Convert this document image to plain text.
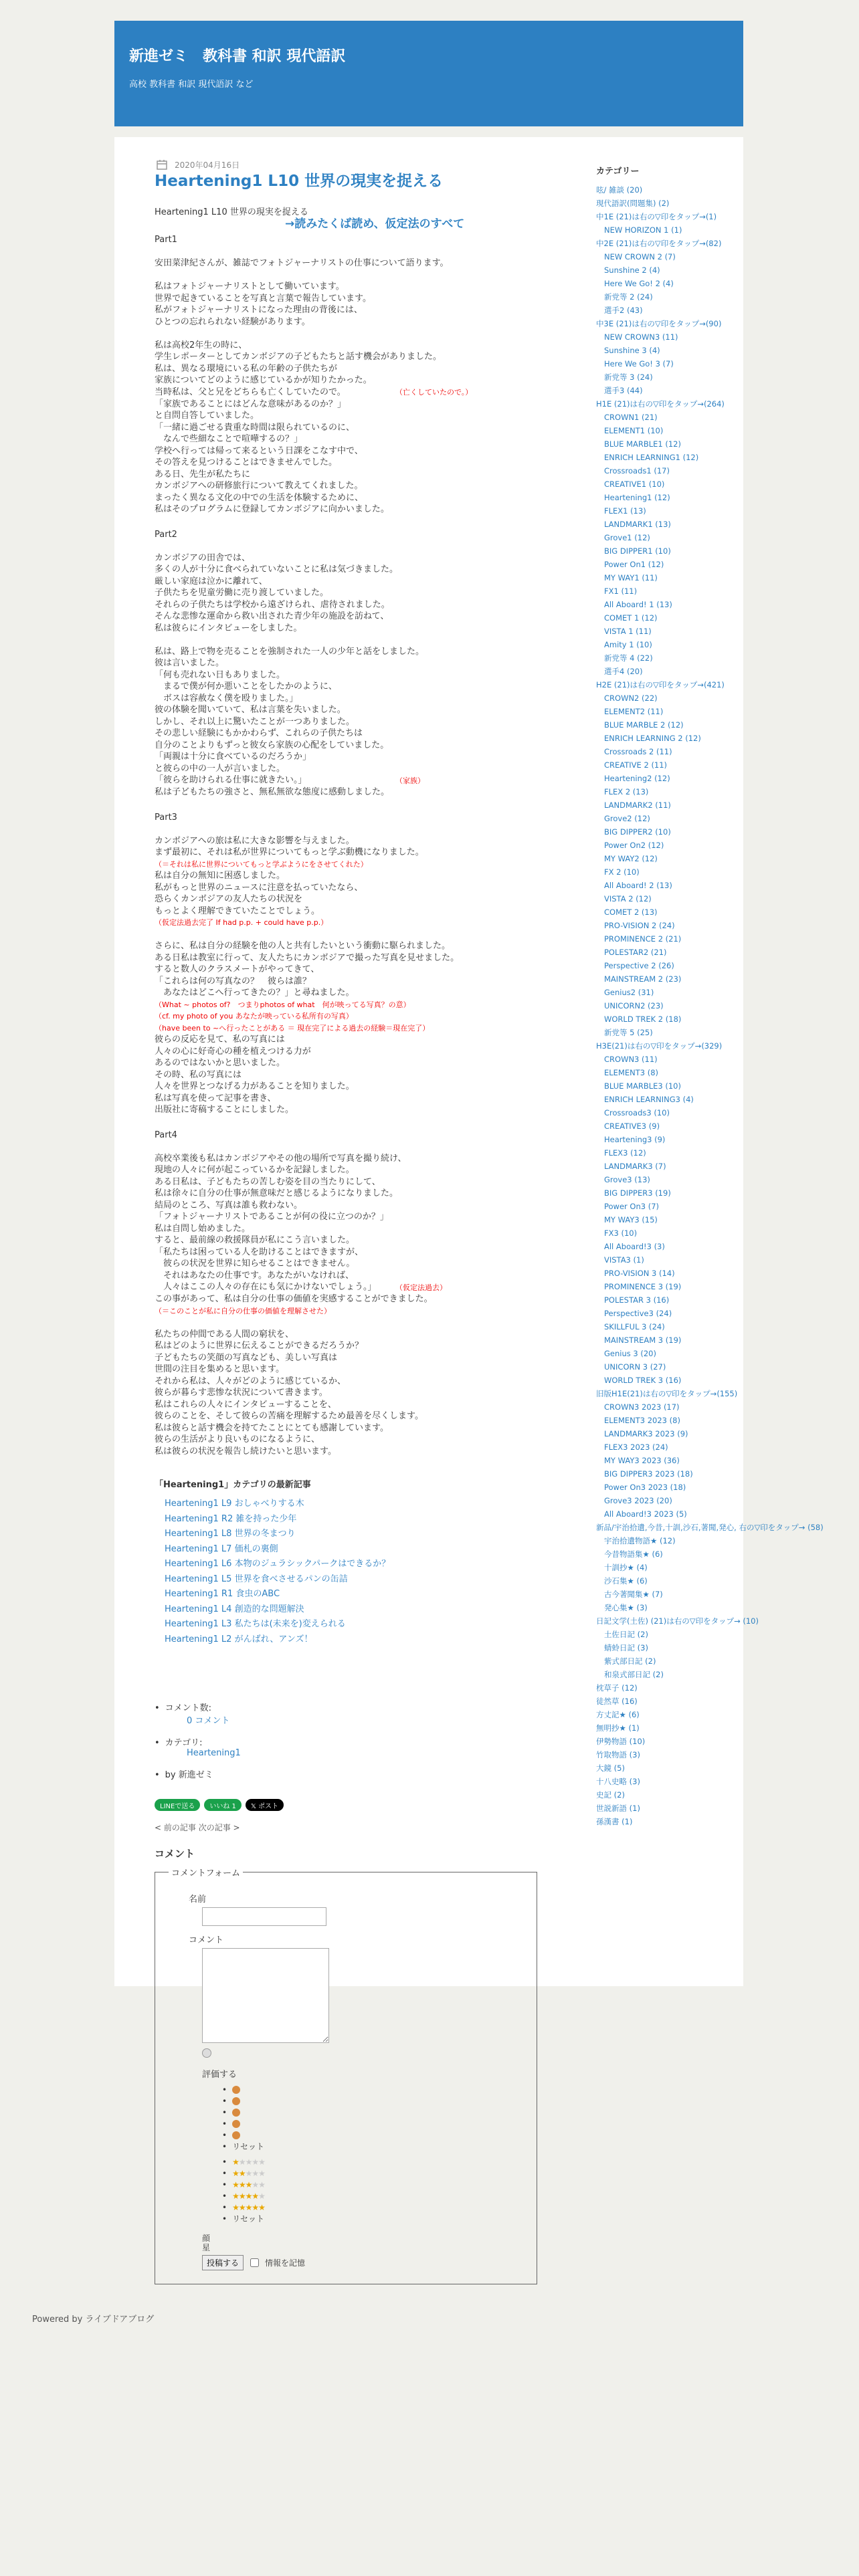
新進ゼミ　教科書 和訳 現代語訳
高校 教科書 和訳 現代語訳 など
2020年04月16日
Heartening1 L10 世界の現実を捉える

Heartening1 L10 世界の現実を捉える

→読みたくば読め、仮定法のすべて

Part1
安田菜津紀さんが、雑誌でフォトジャーナリストの仕事について語ります。
私はフォトジャーナリストとして働いています。
世界で起きていることを写真と言葉で報告しています。
私がフォトジャーナリストになった理由の背後には、
ひとつの忘れられない経験があります。
私は高校2年生の時に、
学生レポーターとしてカンボジアの子どもたちと話す機会がありました。
私は、異なる環境にいる私の年齢の子供たちが
家族についてどのように感じているかが知りたかった。
当時私は、父と兄をどちらも亡くしていたので。	（亡くしていたので。）
「家族であることにはどんな意味があるのか？」
と自問自答していました。
「一緒に過ごせる貴重な時間は限られているのに、
　なんで些細なことで喧嘩するの？」
学校へ行っては帰って来るという日課をこなす中で、
その答えを見つけることはできませんでした。
ある日、先生が私たちに
カンボジアへの研修旅行について教えてくれました。
まったく異なる文化の中での生活を体験するために、
私はそのプログラムに登録してカンボジアに向かいました。
Part2
カンボジアの田舎では、
多くの人が十分に食べられていないことに私は気づきました。
厳しい家庭は泣かに離れて、
子供たちを児童労働に売り渡していました。
それらの子供たちは学校から遠ざけられ、虐待されました。
そんな悲惨な運命から救い出された青少年の施設を訪ねて、
私は彼らにインタビューをしました。
私は、路上で物を売ることを強制された一人の少年と話をしました。
彼は言いました。
「何も売れない日もありました。
　まるで僕が何か悪いことをしたかのように、
　ボスは容赦なく僕を殴りました。」
彼の体験を聞いていて、私は言葉を失いました。
しかし、それ以上に驚いたことが一つありました。
その悲しい経験にもかかわらず、これらの子供たちは
自分のことよりもずっと彼女ら家族の心配をしていました。
「両親は十分に食べているのだろうか」
と彼らの中の一人が言いました。
「彼らを助けられる仕事に就きたい。」	（家族）
私は子どもたちの強さと、無私無欲な態度に感動しました。
Part3
カンボジアへの旅は私に大きな影響を与えました。
まず最初に、それは私が世界についてもっと学ぶ動機になりました。
（＝それは私に世界についてもっと学ぶようにをさせてくれた）
私は自分の無知に困惑しました。
私がもっと世界のニュースに注意を払っていたなら、
恐らくカンボジアの友人たちの状況を
もっとよく理解できていたことでしょう。
（仮定法過去完了 If had p.p. + could have p.p.）
さらに、私は自分の経験を他の人と共有したいという衝動に駆られました。
ある日私は教室に行って、友人たちにカンボジアで撮った写真を見せました。
すると数人のクラスメートがやってきて、
「これらは何の写真なの？　彼らは誰？
　あなたはどこへ行ってきたの？」と尋ねました。
（What ~ photos of?　つまりphotos of what　何が映ってる写真？の意）
（cf. my photo of you あなたが映っている私所有の写真）
（have been to ~へ行ったことがある ＝ 現在完了による過去の経験＝現在完了）
彼らの反応を見て、私の写真には
人々の心に好奇心の種を植えつける力が
あるのではないかと思いました。
その時、私の写真には
人々を世界とつなげる力があることを知りました。
私は写真を使って記事を書き、
出版社に寄稿することにしました。
Part4
高校卒業後も私はカンボジアやその他の場所で写真を撮り続け、
現地の人々に何が起こっているかを記録しました。
ある日私は、子どもたちの苦しむ姿を目の当たりにして、
私は徐々に自分の仕事が無意味だと感じるようになりました。
結局のところ、写真は誰も救わない。
「フォトジャーナリストであることが何の役に立つのか？」
私は自問し始めました。
すると、最前線の救援隊員が私にこう言いました。
「私たちは困っている人を助けることはできますが、
　彼らの状況を世界に知らせることはできません。
　それはあなたの仕事です。あなたがいなければ、
　人々はここの人々の存在にも気にかけないでしょう。」	（仮定法過去）
この事があって、私は自分の仕事の価値を実感することができました。
（＝このことが私に自分の仕事の価値を理解させた）
私たちの仲間である人間の窮状を、
私はどのように世界に伝えることができるだろうか？
子どもたちの笑顔の写真なども、美しい写真は
世間の注目を集めると思います。
それから私は、人々がどのように感じているか、
彼らが暮らす悲惨な状況について書きます。
私はこれらの人々にインタビューすることを、
彼らのことを、そして彼らの苦痛を理解するため最善を尽くします。
私は彼らと話す機会を持てたことにとても感謝しています。
彼らの生活がより良いものになるように、
私は彼らの状況を報告し続けたいと思います。
「Heartening1」カテゴリの最新記事
Heartening1 L9 おしゃべりする木
Heartening1 R2 雑を持った少年
Heartening1 L8 世界の冬まつり
Heartening1 L7 価札の裏側
Heartening1 L6 本物のジュラシックパークはできるか？
Heartening1 L5 世界を食べさせるパンの缶詰
Heartening1 R1 食虫のABC
Heartening1 L4 創造的な問題解決
Heartening1 L3 私たちは(未来を)変えられる
Heartening1 L2 がんばれ、アンズ！
• コメント数:
0 コメント
• カテゴリ:
Heartening1
• by 新進ゼミ
LINEで送る	いいね 1	𝕏 ポスト
< 前の記事 次の記事 >
コメント
コメントフォーム
名前
コメント
評価する
•
•
•
•
•
• リセット
• ★★★★★
• ★★★★★
• ★★★★★
• ★★★★★
• ★★★★★
• リセット
顔
星
投稿する	情報を記憶
カテゴリー
呟/ 雑談 (20)
現代語訳(問題集) (2)
中1E (21)は右の▽印をタップ→(1)
NEW HORIZON 1 (1)
中2E (21)は右の▽印をタップ→(82)
NEW CROWN 2 (7)
Sunshine 2 (4)
Here We Go! 2 (4)
新党等 2 (24)
選手2 (43)
中3E (21)は右の▽印をタップ→(90)
NEW CROWN3 (11)
Sunshine 3 (4)
Here We Go! 3 (7)
新党等 3 (24)
選手3 (44)
H1E (21)は右の▽印をタップ→(264)
CROWN1 (21)
ELEMENT1 (10)
BLUE MARBLE1 (12)
ENRICH LEARNING1 (12)
Crossroads1 (17)
CREATIVE1 (10)
Heartening1 (12)
FLEX1 (13)
LANDMARK1 (13)
Grove1 (12)
BIG DIPPER1 (10)
Power On1 (12)
MY WAY1 (11)
FX1 (11)
All Aboard! 1 (13)
COMET 1 (12)
VISTA 1 (11)
Amity 1 (10)
新党等 4 (22)
選手4 (20)
H2E (21)は右の▽印をタップ→(421)
CROWN2 (22)
ELEMENT2 (11)
BLUE MARBLE 2 (12)
ENRICH LEARNING 2 (12)
Crossroads 2 (11)
CREATIVE 2 (11)
Heartening2 (12)
FLEX 2 (13)
LANDMARK2 (11)
Grove2 (12)
BIG DIPPER2 (10)
Power On2 (12)
MY WAY2 (12)
FX 2 (10)
All Aboard! 2 (13)
VISTA 2 (12)
COMET 2 (13)
PRO-VISION 2 (24)
PROMINENCE 2 (21)
POLESTAR2 (21)
Perspective 2 (26)
MAINSTREAM 2 (23)
Genius2 (31)
UNICORN2 (23)
WORLD TREK 2 (18)
新党等 5 (25)
H3E(21)は右の▽印をタップ→(329)
CROWN3 (11)
ELEMENT3 (8)
BLUE MARBLE3 (10)
ENRICH LEARNING3 (4)
Crossroads3 (10)
CREATIVE3 (9)
Heartening3 (9)
FLEX3 (12)
LANDMARK3 (7)
Grove3 (13)
BIG DIPPER3 (19)
Power On3 (7)
MY WAY3 (15)
FX3 (10)
All Aboard!3 (3)
VISTA3 (1)
PRO-VISION 3 (14)
PROMINENCE 3 (19)
POLESTAR 3 (16)
Perspective3 (24)
SKILLFUL 3 (24)
MAINSTREAM 3 (19)
Genius 3 (20)
UNICORN 3 (27)
WORLD TREK 3 (16)
旧版H1E(21)は右の▽印をタップ→(155)
CROWN3 2023 (17)
ELEMENT3 2023 (8)
LANDMARK3 2023 (9)
FLEX3 2023 (24)
MY WAY3 2023 (36)
BIG DIPPER3 2023 (18)
Power On3 2023 (18)
Grove3 2023 (20)
All Aboard!3 2023 (5)
新品/宇治拾遺,今昔,十訓,沙石,著聞,発心, 右の▽印をタップ→ (58)
宇治拾遺物語★ (12)
今昔物語集★ (6)
十訓抄★ (4)
沙石集★ (6)
古今著聞集★ (7)
発心集★ (3)
日記文学(土佐) (21)は右の▽印をタップ→ (10)
土佐日記 (2)
蜻蛉日記 (3)
紫式部日記 (2)
和泉式部日記 (2)
枕草子 (12)
徒然草 (16)
方丈記★ (6)
無明抄★ (1)
伊勢物語 (10)
竹取物語 (3)
大鏡 (5)
十八史略 (3)
史記 (2)
世説新語 (1)
孫漢書 (1)
Powered by ライブドアブログ
